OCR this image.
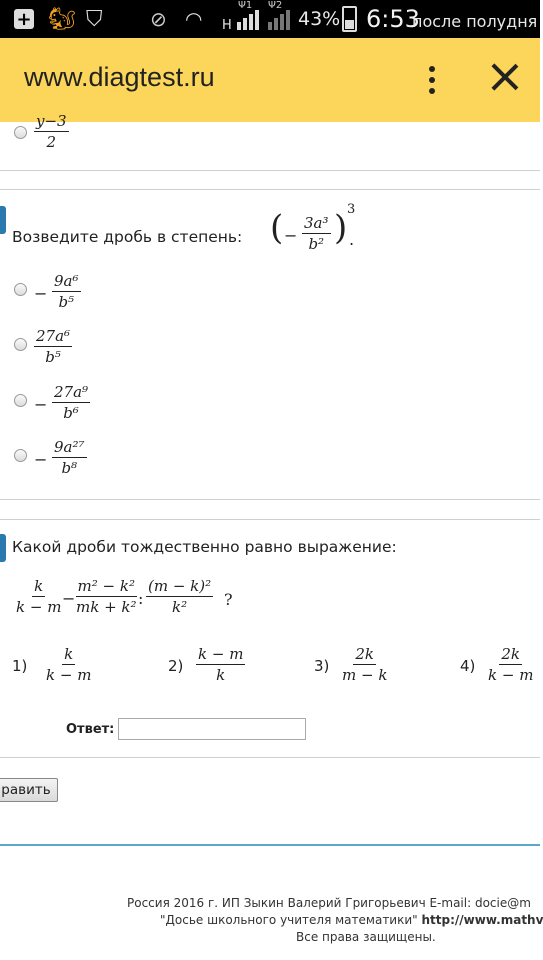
+ 🐿 ⛉ ⊘ ◠ H
Ψ1 Ψ2
43% 6:53
после полудня
www.diagtest.ru
$\frac{y-3}{2}$
Возведите дробь в степень: ( − $\frac{\text{3a³}}{\text{b²}}$ ) 3
.
− $\frac{\text{9a⁶}}{\text{b⁵}}$
$\frac{\text{27a⁶}}{\text{b⁵}}$
− $\frac{\text{27a⁹}}{\text{b⁶}}$
− $\frac{\text{9a²⁷}}{\text{b⁸}}$
Какой дроби тождественно равно выражение:
$\frac{k}{k - m}$
−
$\frac{\text{m² − k²}}{\text{mk + k²}}$ : $\frac{\text{(m − k)²}}{\text{k²}}$ ?
$1) \frac{k}{k - m}$	$2) \frac{k - m}{k}$	$3) \frac{2k}{m - k}$	$4) \frac{2k}{k - m}$
Ответ:
равить
Россия 2016 г. ИП Зыкин Валерий Григорьевич E-mail: docie@m
"Досье школьного учителя математики" http://www.mathv
Все права защищены.
